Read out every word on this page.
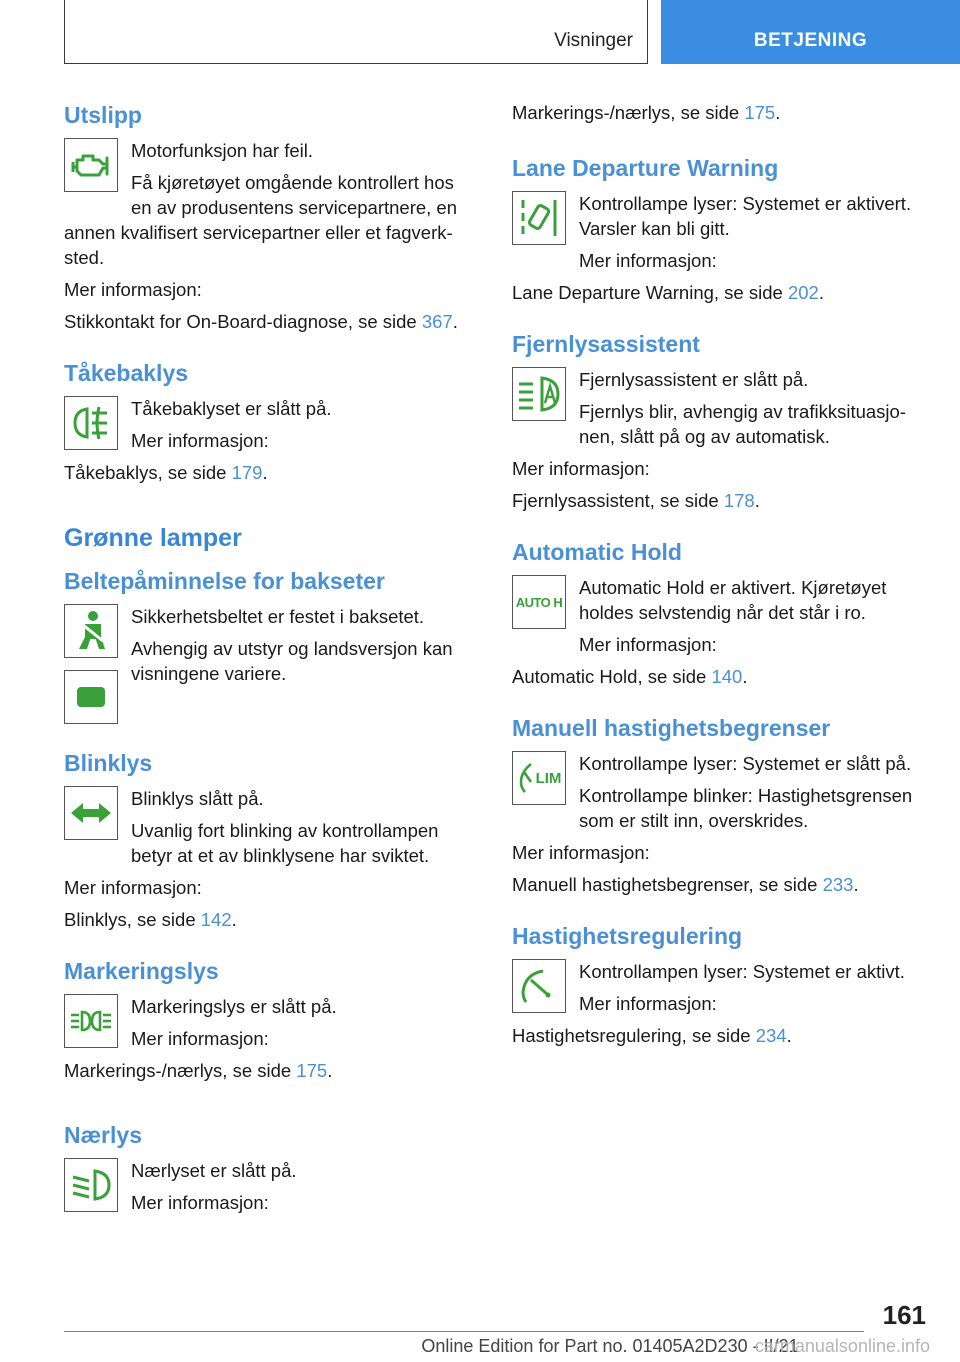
Visninger	BETJENING
Utslipp
Motorfunksjon har feil.
Få kjøretøyet omgående kontrollert hos en av produsentens servicepartnere, en annen kvalifisert servicepartner eller et fagverk-sted.
Mer informasjon:
Stikkontakt for On-Board-diagnose, se side 367.
Tåkebaklys
Tåkebaklyset er slått på.
Mer informasjon:
Tåkebaklys, se side 179.
Grønne lamper
Beltepåminnelse for bakseter
Sikkerhetsbeltet er festet i baksetet.
Avhengig av utstyr og landsversjon kan visningene variere.
Blinklys
Blinklys slått på.
Uvanlig fort blinking av kontrollampen betyr at et av blinklysene har sviktet.
Mer informasjon:
Blinklys, se side 142.
Markeringslys
Markeringslys er slått på.
Mer informasjon:
Markerings-/nærlys, se side 175.
Nærlys
Nærlyset er slått på.
Mer informasjon:
Markerings-/nærlys, se side 175.
Lane Departure Warning
Kontrollampe lyser: Systemet er aktivert. Varsler kan bli gitt.
Mer informasjon:
Lane Departure Warning, se side 202.
Fjernlysassistent
Fjernlysassistent er slått på.
Fjernlys blir, avhengig av trafikksituasjo-nen, slått på og av automatisk.
Mer informasjon:
Fjernlysassistent, se side 178.
Automatic Hold
AUTO H
Automatic Hold er aktivert. Kjøretøyet holdes selvstendig når det står i ro.
Mer informasjon:
Automatic Hold, se side 140.
Manuell hastighetsbegrenser
LIM
Kontrollampe lyser: Systemet er slått på.
Kontrollampe blinker: Hastighetsgrensen som er stilt inn, overskrides.
Mer informasjon:
Manuell hastighetsbegrenser, se side 233.
Hastighetsregulering
Kontrollampen lyser: Systemet er aktivt.
Mer informasjon:
Hastighetsregulering, se side 234.
161
Online Edition for Part no. 01405A2D230 - II/21
carmanualsonline.info
